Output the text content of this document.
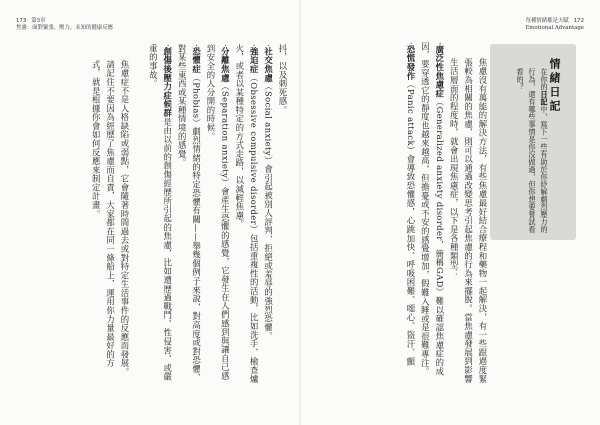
173 第5章
焦慮：面對緊張、壓力、未知的健康反應
每種情緒都是天賦 172
Emotional Advantage

焦慮沒有萬能的解決方法，有些焦慮最好結合療程和藥物一起解決，有一些跟過度緊張較為相關的焦慮，則可以通過改變思考引起焦慮的行為來擺脫。當焦慮發展到影響生活層面的程度時，就會出現焦慮症，以下是各種類型：

‧廣泛性焦慮症（Generalized anxiety disorder，簡稱GAD）難以確認焦慮症的成因，要穿透它的靜度也越來越高，但擔憂或不安的感覺增加，假難入睡或是很難專注。

‧恐慌發作（Panic attack）會導致恐懼感，心跳加快、呼吸困難、噁心、盜汗、顫

情緒日記
在你的日記中，寫下一些有助於你紓解劇烈壓力的行為，還有哪些事情是你沒做過，但你想要嘗試看看的？

抖，以及刺死感。

‧社交焦慮（Social anxiety）會引起被別人評判、拒絕或羞辱的強烈恐懼。

‧強迫症（Obsessive compulsive disorder）包括重複性的活動，比如洗手、檢查爐火，或者以某種特定的方式走路，以減輕焦慮。

‧分離焦慮（Separation anxiety）會產生恐懼的感覺，它發生在人們感到與讓自己感到安全的人分開的時候。

‧恐懼症（Phobias）劇烈情緒的特定恐懼有關——舉幾個例子來說，對高度或對恐懼、對某些東西或某種情境的感覺。

‧創傷後壓力症候群是由以前的創傷經歷所引起的焦慮，比如遭歷過戰鬥、性侵害、或嚴重的事故。

焦慮症不是人格缺陷或弱點，它會隨著時間過去或對特定生活事件的反應而發展。請記住不要因為經歷了焦慮而自責，大家都在同一條船上，運用你力量最好的方式，就是根據你會如何反應來制定計畫。
